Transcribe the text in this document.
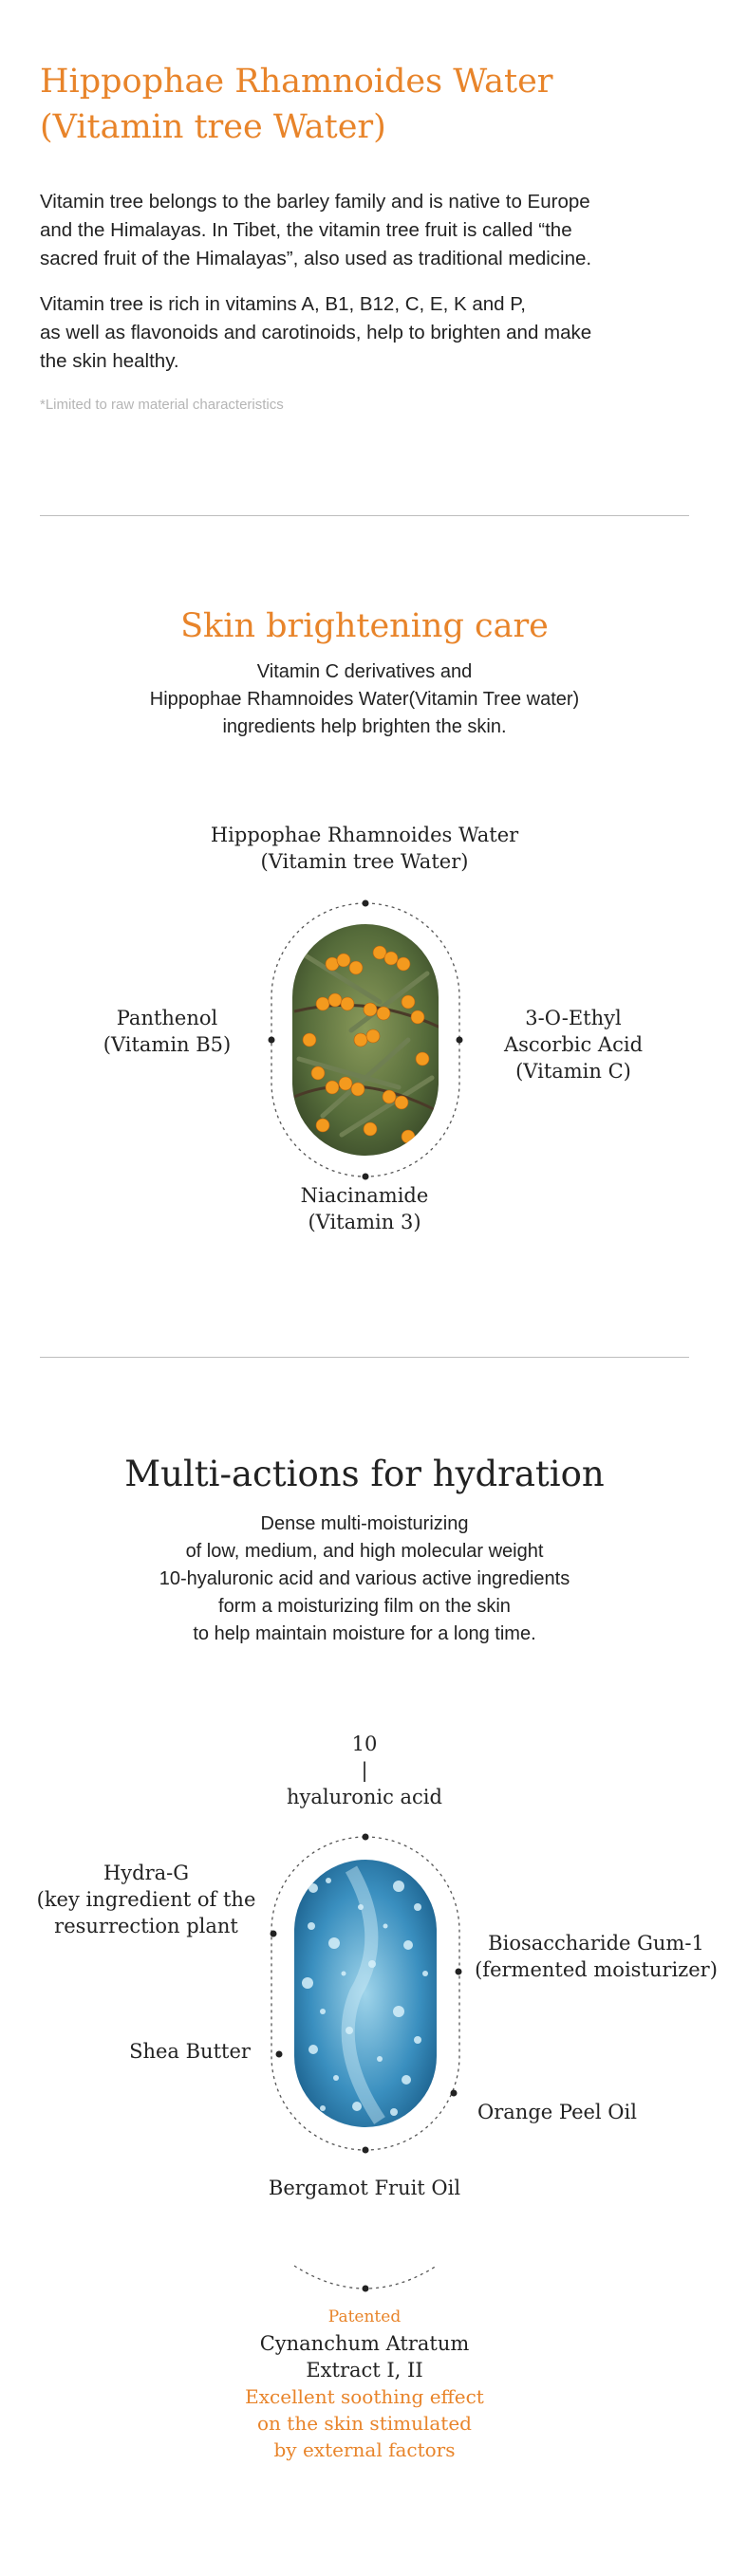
Hippophae Rhamnoides Water
(Vitamin tree Water)
Vitamin tree belongs to the barley family and is native to Europe
and the Himalayas. In Tibet, the vitamin tree fruit is called “the
sacred fruit of the Himalayas”, also used as traditional medicine.
Vitamin tree is rich in vitamins A, B1, B12, C, E, K and P,
as well as flavonoids and carotinoids, help to brighten and make
the skin healthy.
*Limited to raw material characteristics
Skin brightening care
Vitamin C derivatives and
Hippophae Rhamnoides Water(Vitamin Tree water)
ingredients help brighten the skin.
Hippophae Rhamnoides Water
(Vitamin tree Water)
Panthenol
(Vitamin B5)
3-O-Ethyl
Ascorbic Acid
(Vitamin C)
Niacinamide
(Vitamin 3)
Multi-actions for hydration
Dense multi-moisturizing
of low, medium, and high molecular weight
10-hyaluronic acid and various active ingredients
form a moisturizing film on the skin
to help maintain moisture for a long time.
10
|
hyaluronic acid
Hydra-G
(key ingredient of the
resurrection plant
Shea Butter
Biosaccharide Gum-1
(fermented moisturizer)
Orange Peel Oil
Bergamot Fruit Oil
Patented
Cynanchum Atratum
Extract I, II
Excellent soothing effect
on the skin stimulated
by external factors
